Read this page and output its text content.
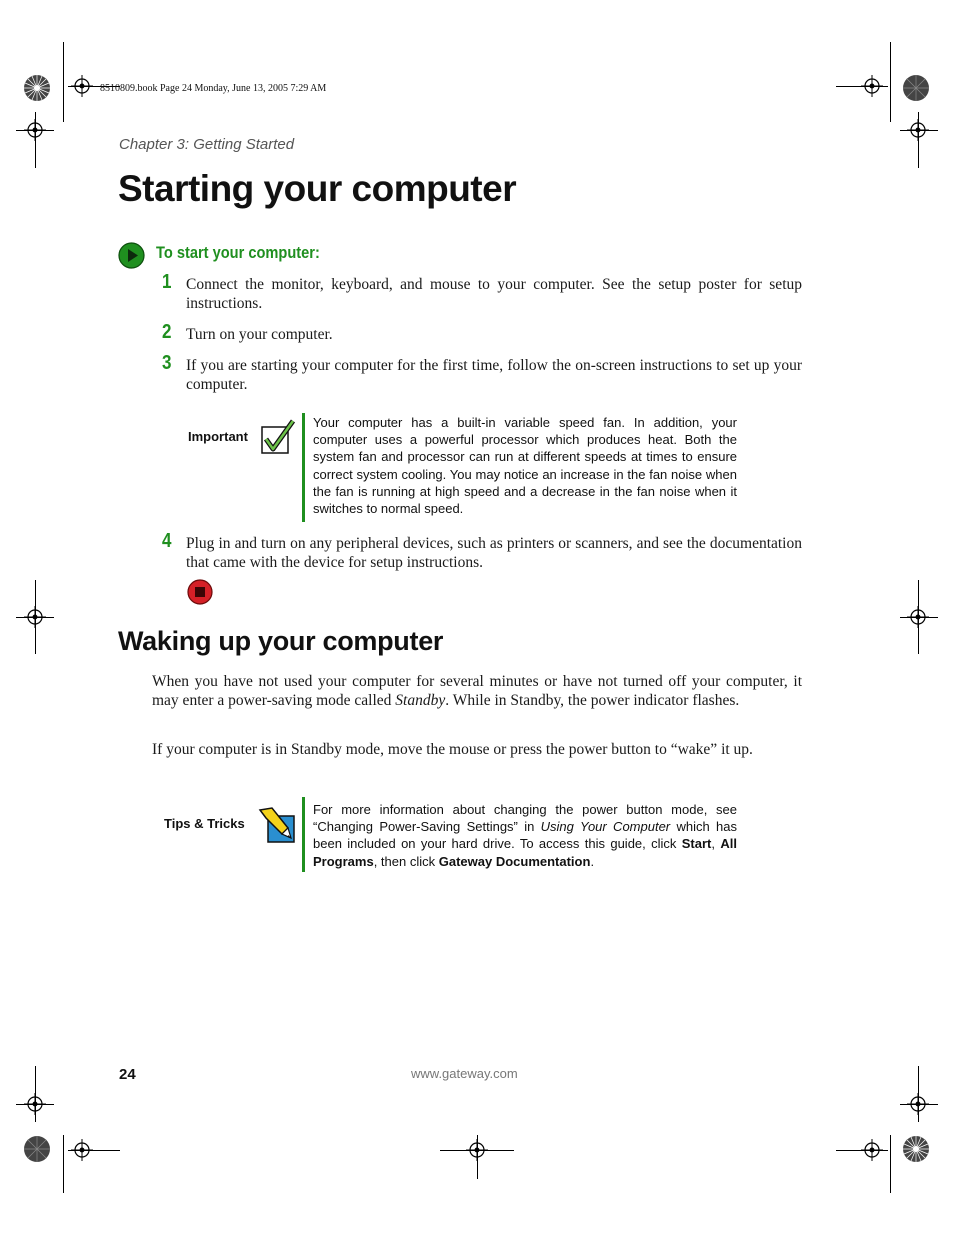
8510809.book Page 24 Monday, June 13, 2005 7:29 AM
Chapter 3: Getting Started
Starting your computer
To start your computer:
1 Connect the monitor, keyboard, and mouse to your computer. See the setup poster for setup instructions.
2 Turn on your computer.
3 If you are starting your computer for the first time, follow the on-screen instructions to set up your computer.
Important
Your computer has a built-in variable speed fan. In addition, your computer uses a powerful processor which produces heat. Both the system fan and processor can run at different speeds at times to ensure correct system cooling. You may notice an increase in the fan noise when the fan is running at high speed and a decrease in the fan noise when it switches to normal speed.
4 Plug in and turn on any peripheral devices, such as printers or scanners, and see the documentation that came with the device for setup instructions.
Waking up your computer
When you have not used your computer for several minutes or have not turned off your computer, it may enter a power-saving mode called Standby. While in Standby, the power indicator flashes.
If your computer is in Standby mode, move the mouse or press the power button to “wake” it up.
Tips & Tricks
For more information about changing the power button mode, see “Changing Power-Saving Settings” in Using Your Computer which has been included on your hard drive. To access this guide, click Start, All Programs, then click Gateway Documentation.
24	www.gateway.com
